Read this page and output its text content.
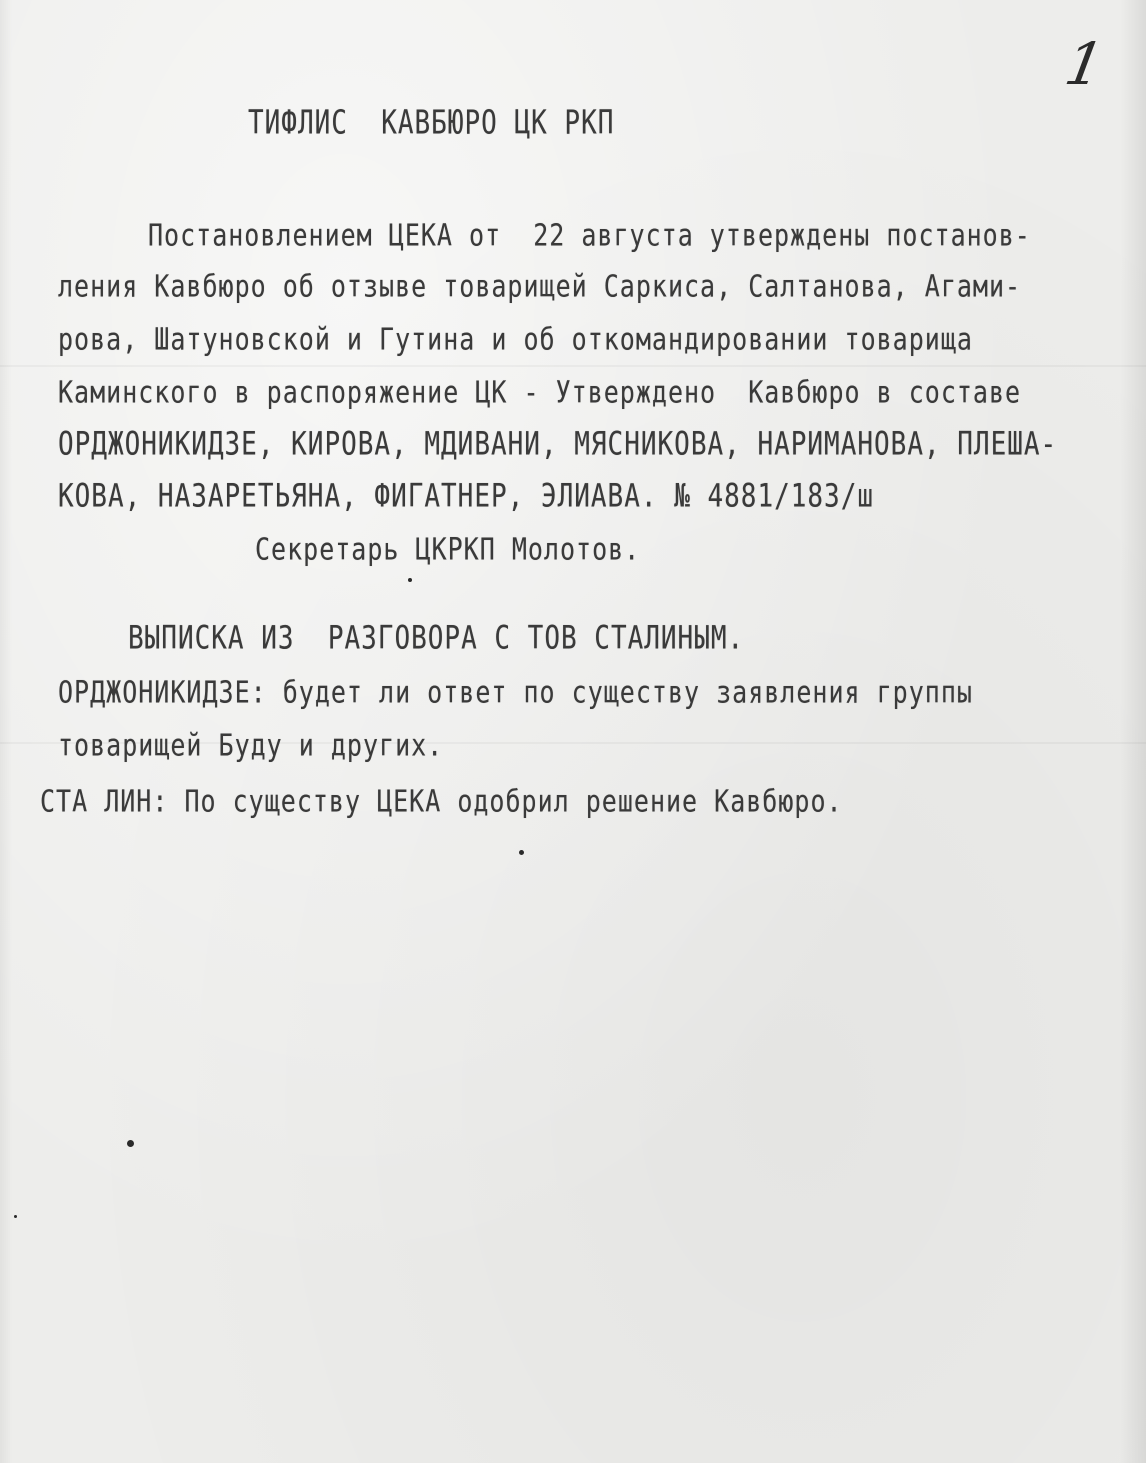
1
ТИФЛИС  КАВБЮРО ЦК РКП
Постановлением ЦЕКА от  22 августа утверждены постанов-
ления Кавбюро об отзыве товарищей Саркиса, Салтанова, Агами-
рова, Шатуновской и Гутина и об откомандировании товарища
Каминского в распоряжение ЦК - Утверждено  Кавбюро в составе
ОРДЖОНИКИДЗЕ, КИРОВА, МДИВАНИ, МЯСНИКОВА, НАРИМАНОВА, ПЛЕША-
КОВА, НАЗАРЕТЬЯНА, ФИГАТНЕР, ЭЛИАВА. № 4881/183/ш
Секретарь ЦКРКП Молотов.
ВЫПИСКА ИЗ  РАЗГОВОРА С ТОВ СТАЛИНЫМ.
ОРДЖОНИКИДЗЕ: будет ли ответ по существу заявления группы
товарищей Буду и других.
СТА ЛИН: По существу ЦЕКА одобрил решение Кавбюро.
